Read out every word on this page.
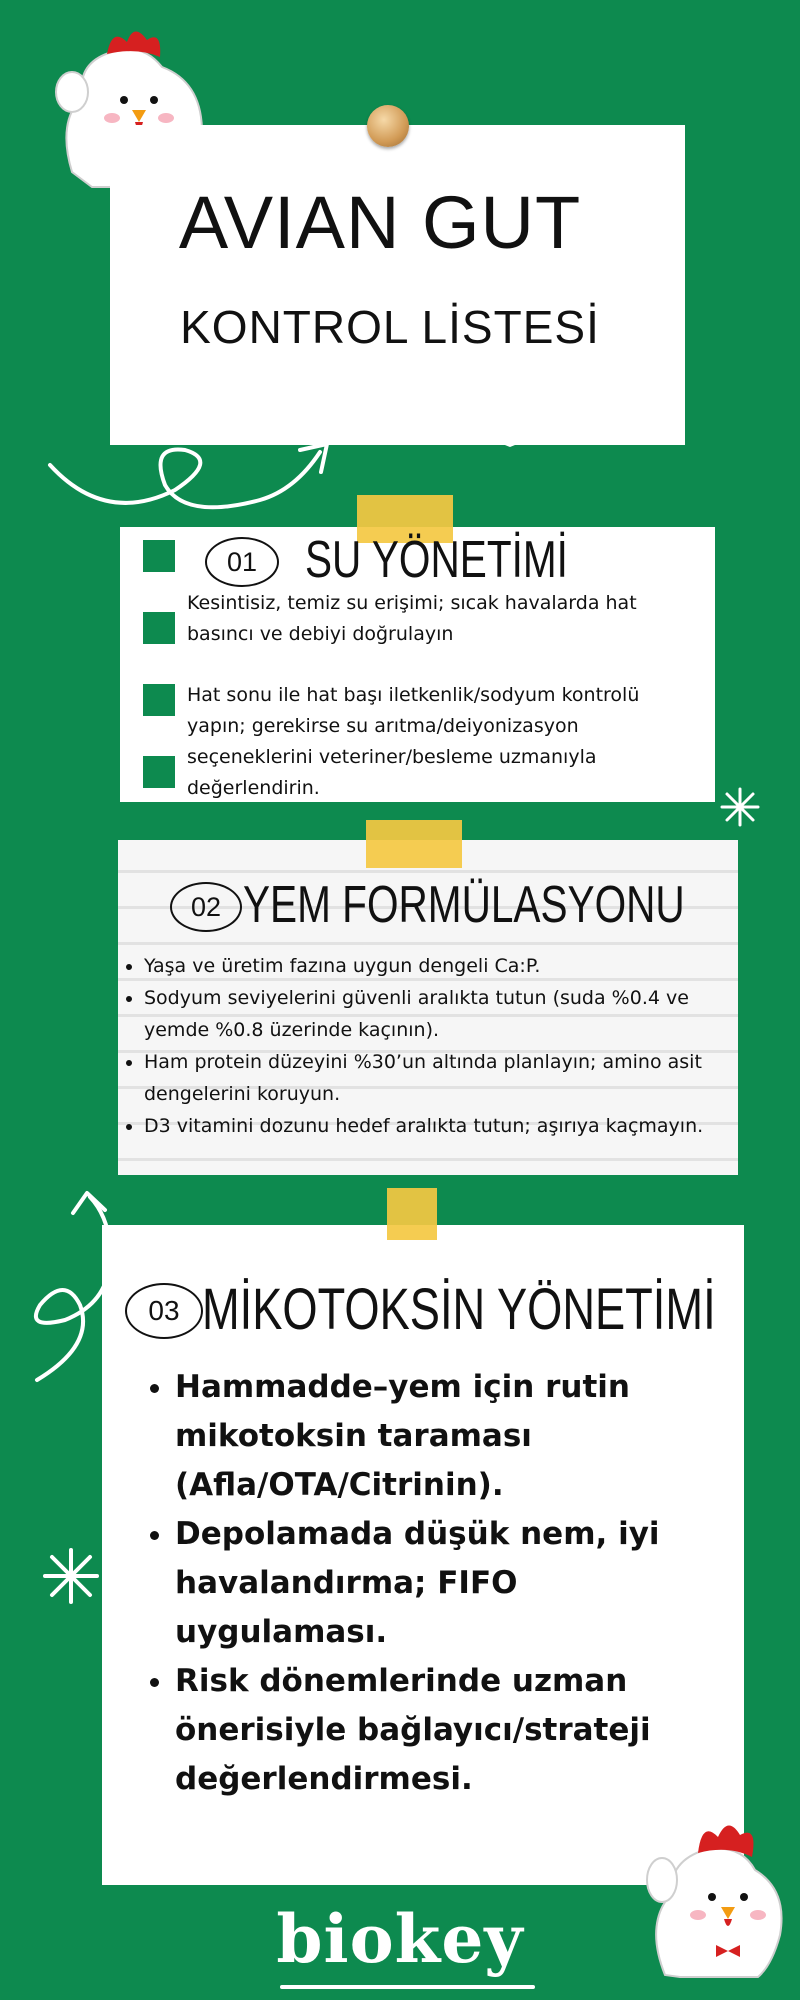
AVIAN GUT
KONTROL LİSTESİ
01 SU YÖNETİMİ
Kesintisiz, temiz su erişimi; sıcak havalarda hat basıncı ve debiyi doğrulayın
Hat sonu ile hat başı iletkenlik/sodyum kontrolü yapın; gerekirse su arıtma/deiyonizasyon seçeneklerini veteriner/besleme uzmanıyla değerlendirin.
02 YEM FORMÜLASYONU
• Yaşa ve üretim fazına uygun dengeli Ca:P.
• Sodyum seviyelerini güvenli aralıkta tutun (suda %0.4 ve yemde %0.8 üzerinde kaçının).
• Ham protein düzeyini %30’un altında planlayın; amino asit dengelerini koruyun.
• D3 vitamini dozunu hedef aralıkta tutun; aşırıya kaçmayın.
03 MİKOTOKSİN YÖNETİMİ
• Hammadde–yem için rutin mikotoksin taraması (Afla/OTA/Citrinin).
• Depolamada düşük nem, iyi havalandırma; FIFO uygulaması.
• Risk dönemlerinde uzman önerisiyle bağlayıcı/strateji değerlendirmesi.
biokey
